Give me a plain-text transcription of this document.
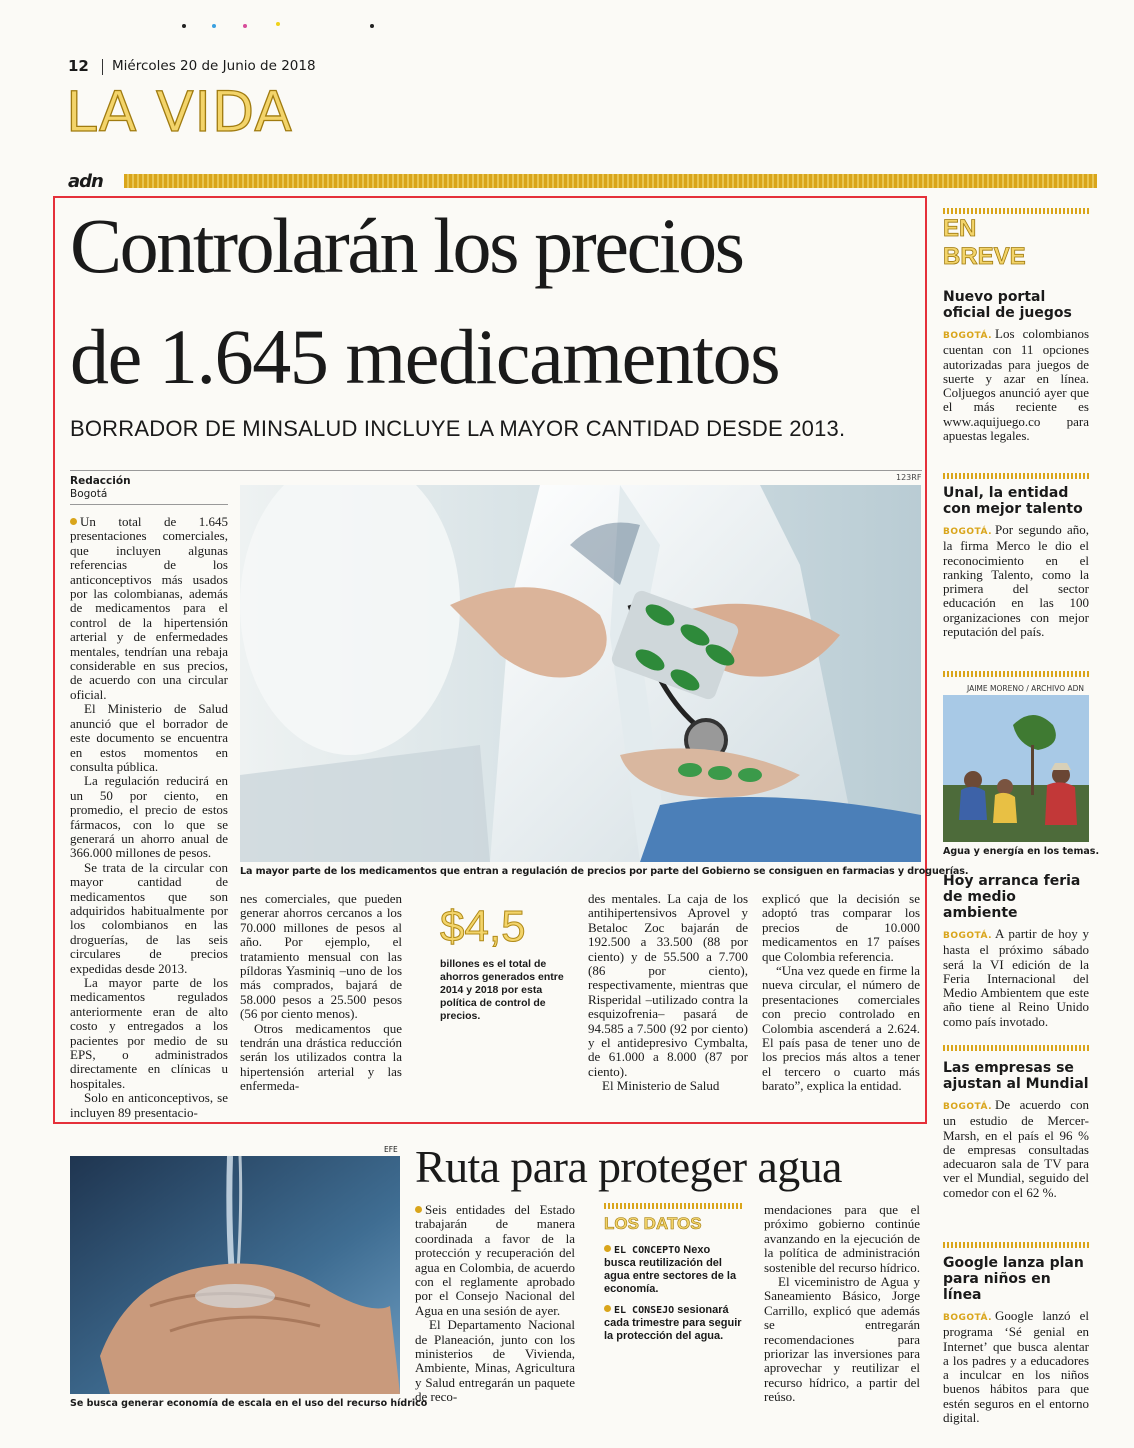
12 Miércoles 20 de Junio de 2018
LA VIDA
adn
Controlarán los precios
de 1.645 medicamentos
BORRADOR DE MINSALUD INCLUYE LA MAYOR CANTIDAD DESDE 2013.
Redacción
Bogotá
123RF
La mayor parte de los medicamentos que entran a regulación de precios por parte del Gobierno se consiguen en farmacias y droguerías.

Un total de 1.645 presentaciones comerciales, que incluyen algunas referencias de los anticonceptivos más usados por las colombianas, además de medicamentos para el control de la hipertensión arterial y de enfermedades mentales, tendrían una rebaja considerable en sus precios, de acuerdo con una circular oficial.

El Ministerio de Salud anunció que el borrador de este documento se encuentra en estos momentos en consulta pública.

La regulación reducirá en un 50 por ciento, en promedio, el precio de estos fármacos, con lo que se generará un ahorro anual de 366.000 millones de pesos.

Se trata de la circular con mayor cantidad de medicamentos que son adquiridos habitualmente por los colombianos en las droguerías, de las seis circulares de precios expedidas desde 2013.

La mayor parte de los medicamentos regulados anteriormente eran de alto costo y entregados a los pacientes por medio de su EPS, o administrados directamente en clínicas u hospitales.

Solo en anticonceptivos, se incluyen 89 presentacio-

nes comerciales, que pueden generar ahorros cercanos a los 70.000 millones de pesos al año. Por ejemplo, el tratamiento mensual con las píldoras Yasminiq –uno de los más comprados, bajará de 58.000 pesos a 25.500 pesos (56 por ciento menos).

Otros medicamentos que tendrán una drástica reducción serán los utilizados contra la hipertensión arterial y las enfermeda-

$4,5
billones es el total de ahorros generados entre 2014 y 2018 por esta política de control de precios.

des mentales. La caja de los antihipertensivos Aprovel y Betaloc Zoc bajarán de 192.500 a 33.500 (88 por ciento) y de 55.500 a 7.700 (86 por ciento), respectivamente, mientras que Risperidal –utilizado contra la esquizofrenia– pasará de 94.585 a 7.500 (92 por ciento) y el antidepresivo Cymbalta, de 61.000 a 8.000 (87 por ciento).

El Ministerio de Salud

explicó que la decisión se adoptó tras comparar los precios de 10.000 medicamentos en 17 países que Colombia referencia.

“Una vez quede en firme la nueva circular, el número de presentaciones comerciales con precio controlado en Colombia ascenderá a 2.624. El país pasa de tener uno de los precios más altos a tener el tercero o cuarto más barato”, explica la entidad.

EN
BREVE
Nuevo portal oficial de juegos

BOGOTÁ. Los colombianos cuentan con 11 opciones autorizadas para juegos de suerte y azar en línea. Coljuegos anunció ayer que el más reciente es www.aquijuego.co para apuestas legales.

Unal, la entidad con mejor talento

BOGOTÁ. Por segundo año, la firma Merco le dio el reconocimiento en el ranking Talento, como la primera del sector educación en las 100 organizaciones con mejor reputación del país.

JAIME MORENO / ARCHIVO ADN
Agua y energía en los temas.
Hoy arranca feria de medio ambiente

BOGOTÁ. A partir de hoy y hasta el próximo sábado será la VI edición de la Feria Internacional del Medio Ambientem que este año tiene al Reino Unido como país invotado.

Las empresas se ajustan al Mundial

BOGOTÁ. De acuerdo con un estudio de Mercer- Marsh, en el país el 96 % de empresas consultadas adecuaron sala de TV para ver el Mundial, seguido del comedor con el 62 %.

Google lanza plan para niños en línea

BOGOTÁ. Google lanzó el programa ‘Sé genial en Internet’ que busca alentar a los padres y a educadores a inculcar en los niños buenos hábitos para que estén seguros en el entorno digital.

EFE
Se busca generar economía de escala en el uso del recurso hídrico
Ruta para proteger agua

Seis entidades del Estado trabajarán de manera coordinada a favor de la protección y recuperación del agua en Colombia, de acuerdo con el reglamente aprobado por el Consejo Nacional del Agua en una sesión de ayer.

El Departamento Nacional de Planeación, junto con los ministerios de Vivienda, Ambiente, Minas, Agricultura y Salud entregarán un paquete de reco-

LOS DATOS
EL CONCEPTO Nexo busca reutilización del agua entre sectores de la economía.
EL CONSEJO sesionará cada trimestre para seguir la protección del agua.

mendaciones para que el próximo gobierno continúe avanzando en la ejecución de la política de administración sostenible del recurso hídrico.

El viceministro de Agua y Saneamiento Básico, Jorge Carrillo, explicó que además se entregarán recomendaciones para priorizar las inversiones para aprovechar y reutilizar el recurso hídrico, a partir del reúso.
